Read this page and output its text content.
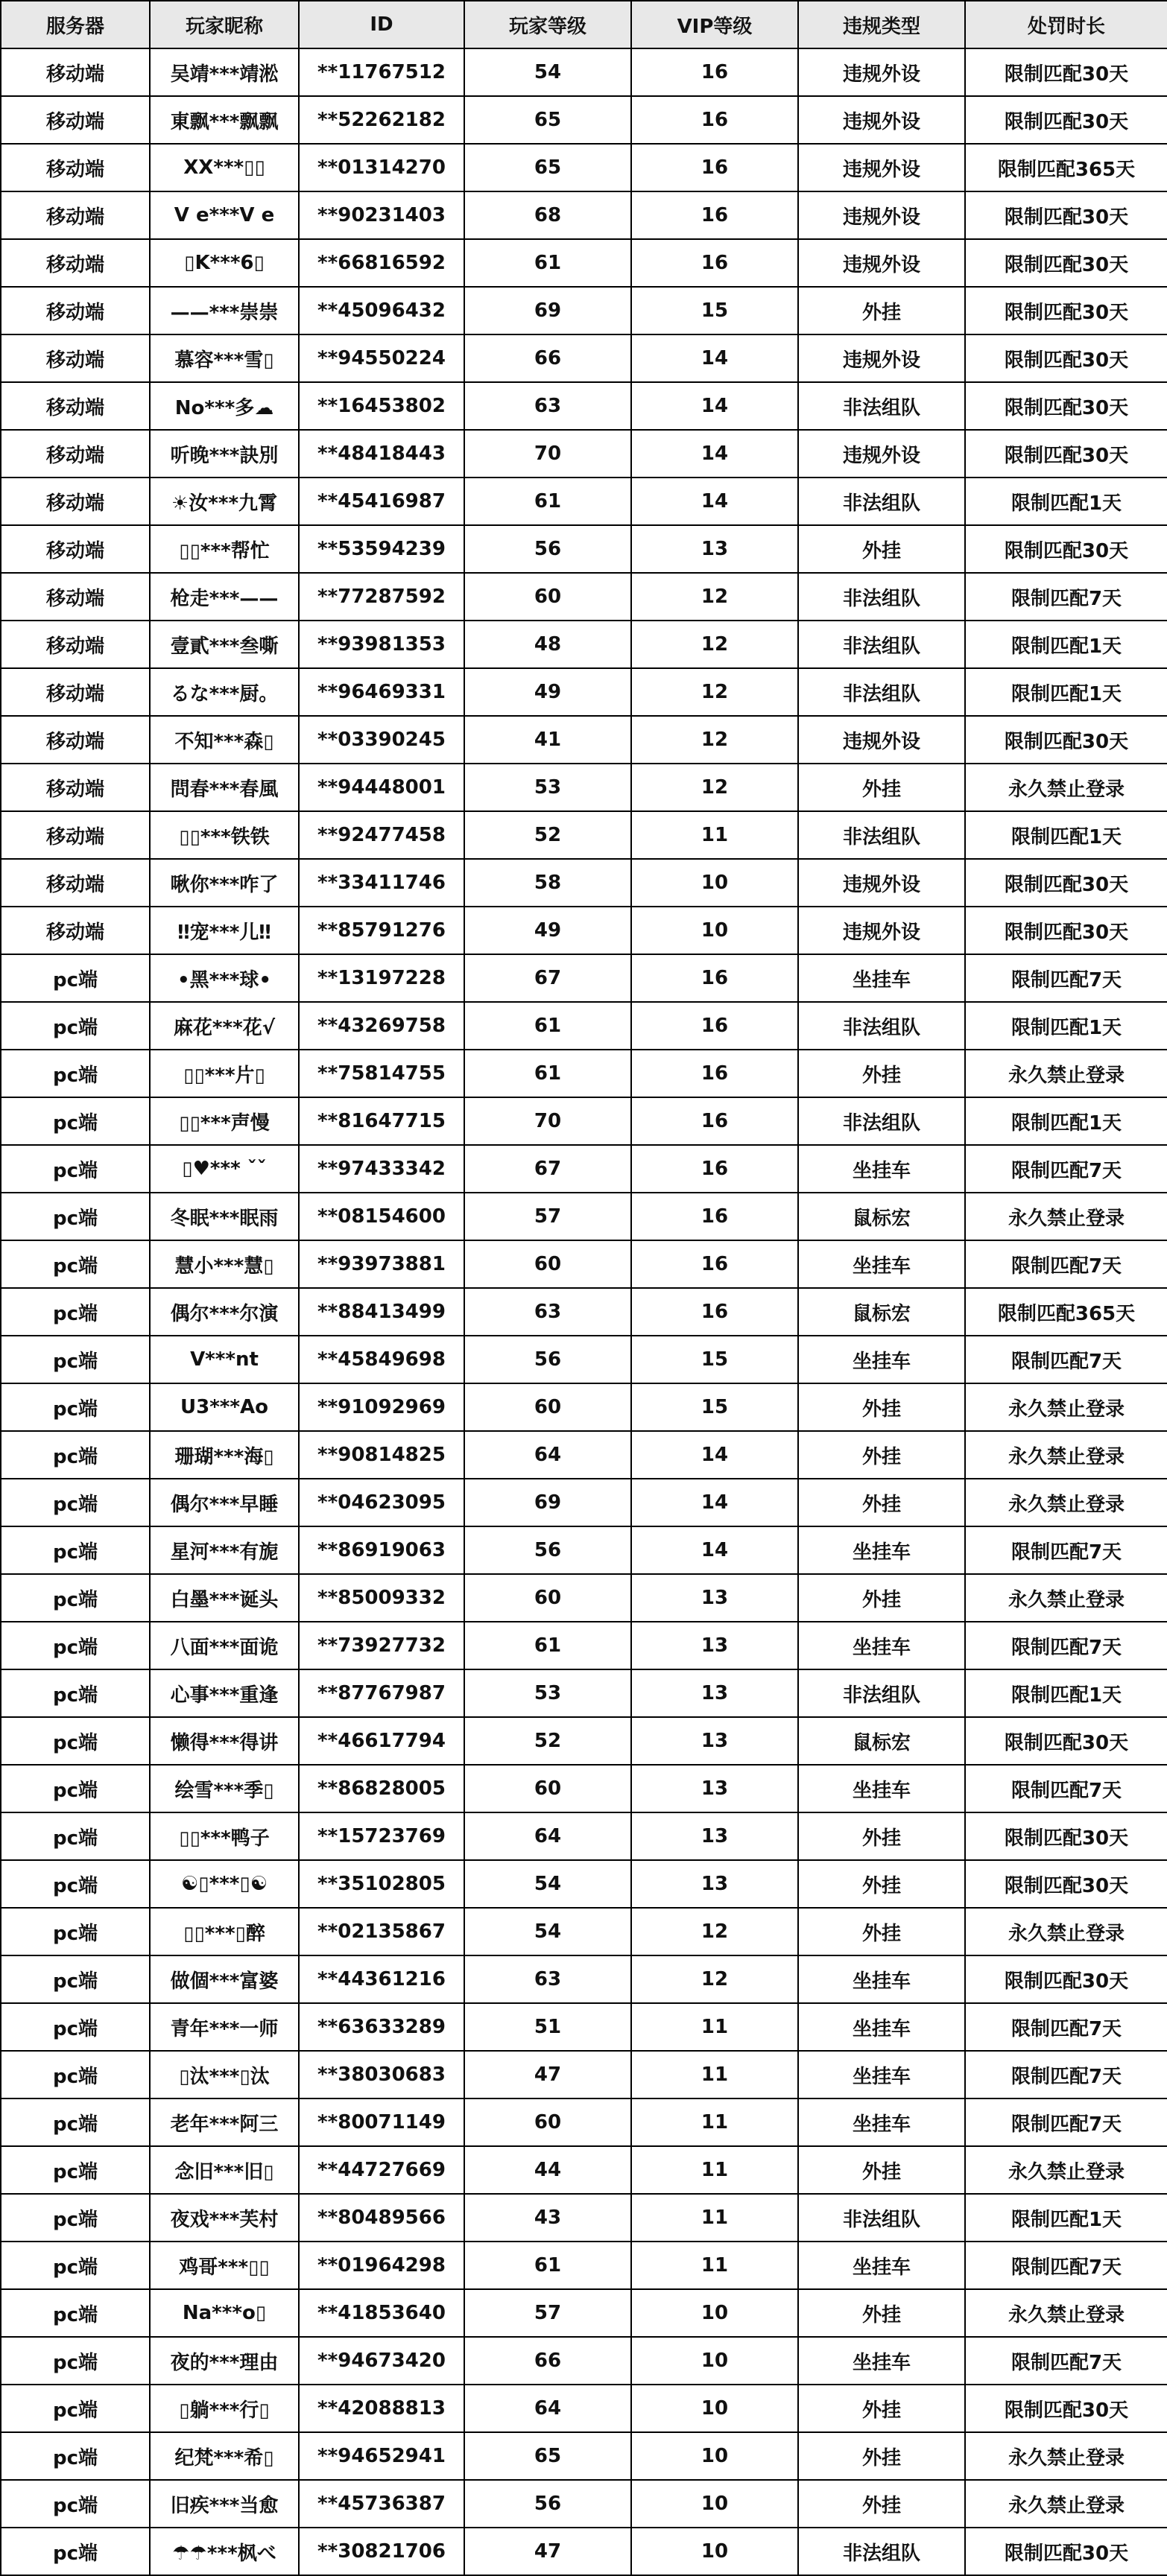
服务器	玩家昵称	ID	玩家等级	VIP等级	违规类型	处罚时长
移动端	吴靖***靖淞	**11767512	54	16	违规外设	限制匹配30天
移动端	東飘***飘飘	**52262182	65	16	违规外设	限制匹配30天
移动端	XX***▯▯	**01314270	65	16	违规外设	限制匹配365天
移动端	V e***V e	**90231403	68	16	违规外设	限制匹配30天
移动端	▯K***6▯	**66816592	61	16	违规外设	限制匹配30天
移动端	——***崇崇	**45096432	69	15	外挂	限制匹配30天
移动端	慕容***雪▯	**94550224	66	14	违规外设	限制匹配30天
移动端	No***多☁	**16453802	63	14	非法组队	限制匹配30天
移动端	听晚***訣別	**48418443	70	14	违规外设	限制匹配30天
移动端	☀汝***九霄	**45416987	61	14	非法组队	限制匹配1天
移动端	▯▯***帮忙	**53594239	56	13	外挂	限制匹配30天
移动端	枪走***——	**77287592	60	12	非法组队	限制匹配7天
移动端	壹貳***叁嘶	**93981353	48	12	非法组队	限制匹配1天
移动端	るな***厨。	**96469331	49	12	非法组队	限制匹配1天
移动端	不知***森▯	**03390245	41	12	违规外设	限制匹配30天
移动端	問春***春風	**94448001	53	12	外挂	永久禁止登录
移动端	▯▯***铁铁	**92477458	52	11	非法组队	限制匹配1天
移动端	啾你***咋了	**33411746	58	10	违规外设	限制匹配30天
移动端	‼宠***儿‼	**85791276	49	10	违规外设	限制匹配30天
pc端	•黑***球•	**13197228	67	16	坐挂车	限制匹配7天
pc端	麻花***花√	**43269758	61	16	非法组队	限制匹配1天
pc端	▯▯***片▯	**75814755	61	16	外挂	永久禁止登录
pc端	▯▯***声慢	**81647715	70	16	非法组队	限制匹配1天
pc端	▯♥*** ˇˇ	**97433342	67	16	坐挂车	限制匹配7天
pc端	冬眠***眠雨	**08154600	57	16	鼠标宏	永久禁止登录
pc端	慧小***慧▯	**93973881	60	16	坐挂车	限制匹配7天
pc端	偶尔***尔演	**88413499	63	16	鼠标宏	限制匹配365天
pc端	V***nt	**45849698	56	15	坐挂车	限制匹配7天
pc端	U3***Ao	**91092969	60	15	外挂	永久禁止登录
pc端	珊瑚***海▯	**90814825	64	14	外挂	永久禁止登录
pc端	偶尔***早睡	**04623095	69	14	外挂	永久禁止登录
pc端	星河***有旎	**86919063	56	14	坐挂车	限制匹配7天
pc端	白墨***诞头	**85009332	60	13	外挂	永久禁止登录
pc端	八面***面诡	**73927732	61	13	坐挂车	限制匹配7天
pc端	心事***重逢	**87767987	53	13	非法组队	限制匹配1天
pc端	懒得***得讲	**46617794	52	13	鼠标宏	限制匹配30天
pc端	绘雪***季▯	**86828005	60	13	坐挂车	限制匹配7天
pc端	▯▯***鸭子	**15723769	64	13	外挂	限制匹配30天
pc端	☯▯***▯☯	**35102805	54	13	外挂	限制匹配30天
pc端	▯▯***▯醉	**02135867	54	12	外挂	永久禁止登录
pc端	做個***富婆	**44361216	63	12	坐挂车	限制匹配30天
pc端	青年***一师	**63633289	51	11	坐挂车	限制匹配7天
pc端	▯汰***▯汰	**38030683	47	11	坐挂车	限制匹配7天
pc端	老年***阿三	**80071149	60	11	坐挂车	限制匹配7天
pc端	念旧***旧▯	**44727669	44	11	外挂	永久禁止登录
pc端	夜戏***芙村	**80489566	43	11	非法组队	限制匹配1天
pc端	鸡哥***▯▯	**01964298	61	11	坐挂车	限制匹配7天
pc端	Na***o▯	**41853640	57	10	外挂	永久禁止登录
pc端	夜的***理由	**94673420	66	10	坐挂车	限制匹配7天
pc端	▯躺***行▯	**42088813	64	10	外挂	限制匹配30天
pc端	纪梵***希▯	**94652941	65	10	外挂	永久禁止登录
pc端	旧疾***当愈	**45736387	56	10	外挂	永久禁止登录
pc端	☂☂***枫べ	**30821706	47	10	非法组队	限制匹配30天
